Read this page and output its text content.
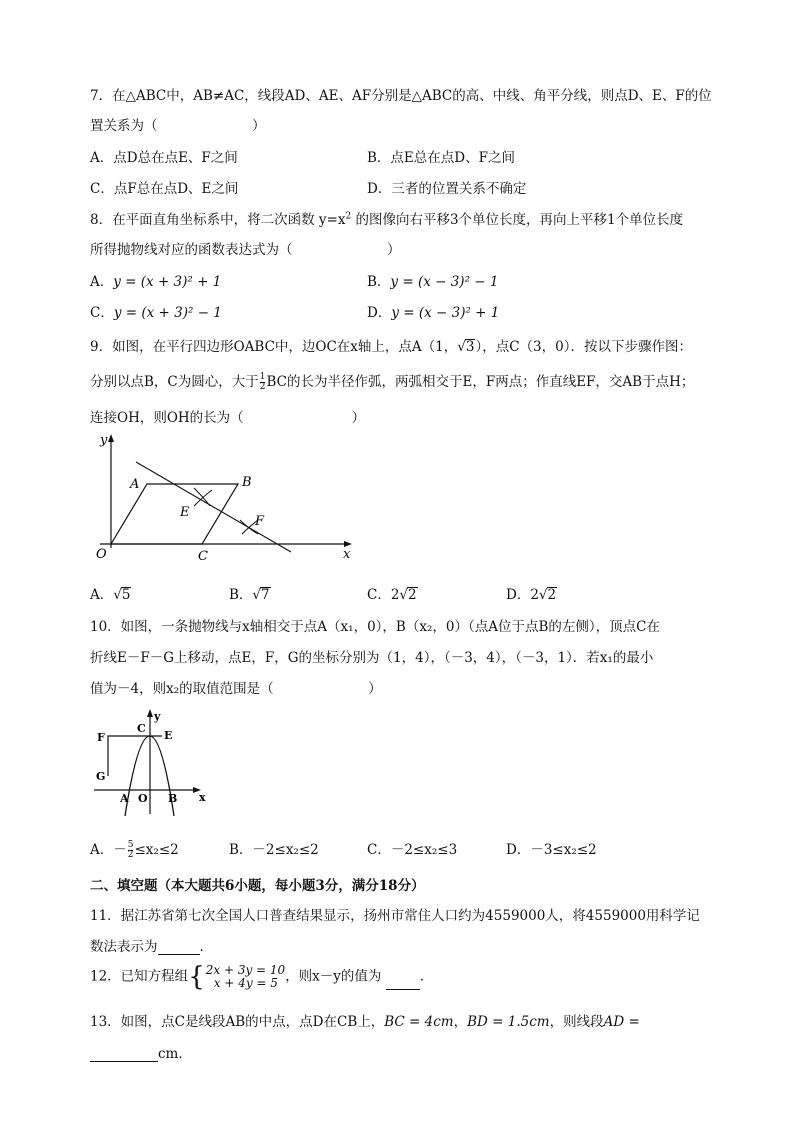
7．在△ABC中，AB≠AC，线段AD、AE、AF分别是△ABC的高、中线、角平分线，则点D、E、F的位
置关系为（　　　　　　　）
A．点D总在点E、F之间	B．点E总在点D、F之间
C．点F总在点D、E之间	D．三者的位置关系不确定
8．在平面直角坐标系中，将二次函数 $y=x^2$ 的图像向右平移3个单位长度，再向上平移1个单位长度
所得抛物线对应的函数表达式为（　　　　　　　）
A．y = (x + 3)² + 1	B．y = (x − 3)² − 1
C．y = (x + 3)² − 1	D．y = (x − 3)² + 1
9．如图，在平行四边形OABC中，边OC在x轴上，点A（1，√3），点C（3，0）．按以下步骤作图：
分别以点B，C为圆心，大于 $\frac{1}{2}$ BC的长为半径作弧，两弧相交于E，F两点；作直线EF，交AB于点H；
连接OH，则OH的长为（　　　　　　　　）
y
x
O
A	B
C
E
F
A．√5	B．√7	C．2√2	D．2√2
10．如图，一条抛物线与x轴相交于点A（x₁，0），B（x₂，0）（点A位于点B的左侧），顶点C在
折线E－F－G上移动，点E，F，G的坐标分别为（1，4），（－3，4），（－3，1）．若x₁的最小
值为－4，则x₂的取值范围是（　　　　　　　）
y
x
C
E
F
G
A O B
A．－ $\frac{5}{2} \le x_2\le 2$	B．－2≤x₂≤2	C．－2≤x₂≤3	D．－3≤x₂≤2
二、填空题（本大题共6小题，每小题3分，满分18分）
11．据江苏省第七次全国人口普查结果显示，扬州市常住人口约为4559000人，将4559000用科学记
数法表示为	．
12．已知方程组{ 2x + 3y = 10
x + 4y = 5 ，则x－y的值为	．
13．如图，点C是线段AB的中点，点D在CB上，BC = 4cm，BD = 1.5cm，则线段AD =
cm．
